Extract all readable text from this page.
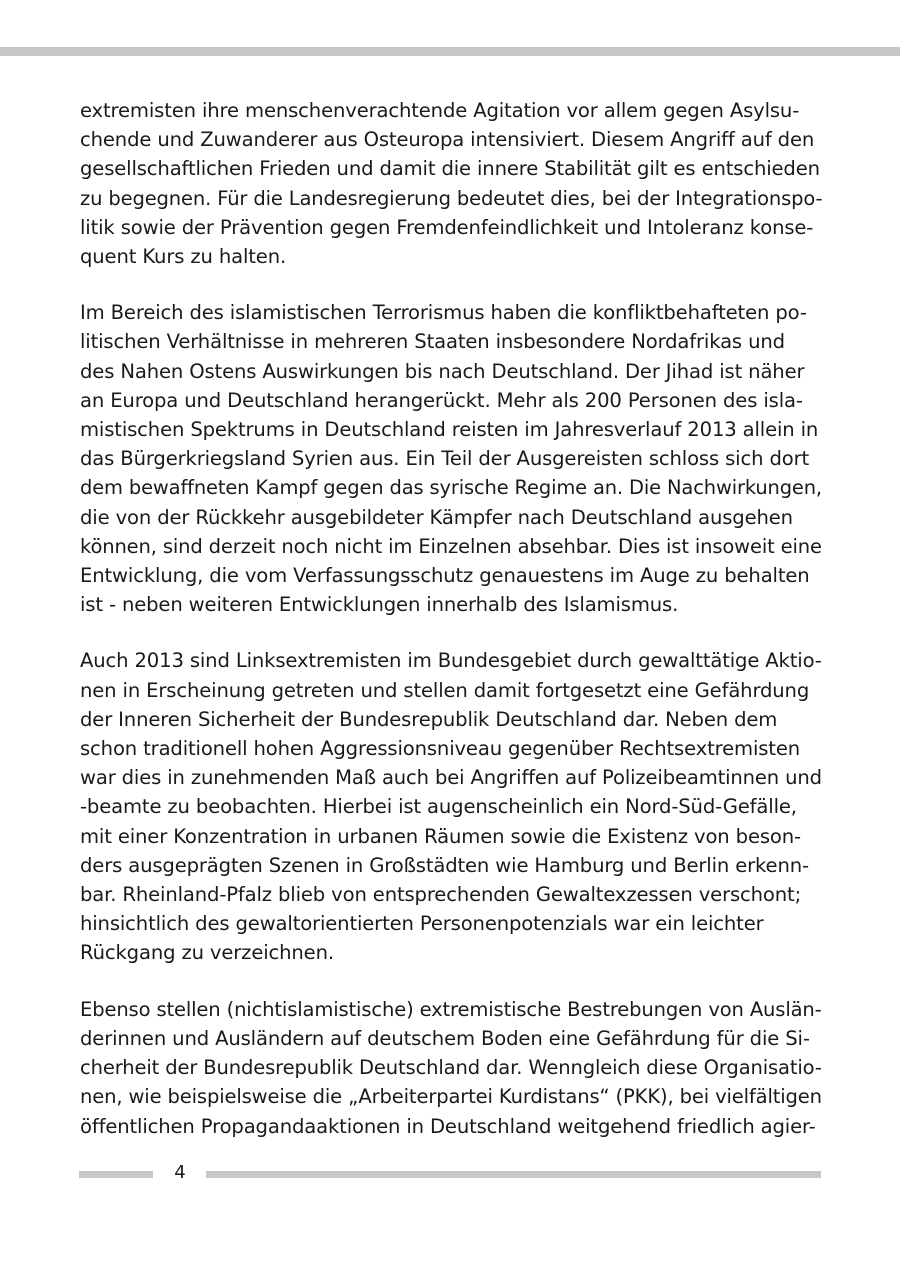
extremisten ihre menschenverachtende Agitation vor allem gegen Asylsu-
chende und Zuwanderer aus Osteuropa intensiviert. Diesem Angriff auf den
gesellschaftlichen Frieden und damit die innere Stabilität gilt es entschieden
zu begegnen. Für die Landesregierung bedeutet dies, bei der Integrationspo-
litik sowie der Prävention gegen Fremdenfeindlichkeit und Intoleranz konse-
quent Kurs zu halten.

Im Bereich des islamistischen Terrorismus haben die konfliktbehafteten po-
litischen Verhältnisse in mehreren Staaten insbesondere Nordafrikas und
des Nahen Ostens Auswirkungen bis nach Deutschland. Der Jihad ist näher
an Europa und Deutschland herangerückt. Mehr als 200 Personen des isla-
mistischen Spektrums in Deutschland reisten im Jahresverlauf 2013 allein in
das Bürgerkriegsland Syrien aus. Ein Teil der Ausgereisten schloss sich dort
dem bewaffneten Kampf gegen das syrische Regime an. Die Nachwirkungen,
die von der Rückkehr ausgebildeter Kämpfer nach Deutschland ausgehen
können, sind derzeit noch nicht im Einzelnen absehbar. Dies ist insoweit eine
Entwicklung, die vom Verfassungsschutz genauestens im Auge zu behalten
ist - neben weiteren Entwicklungen innerhalb des Islamismus.

Auch 2013 sind Linksextremisten im Bundesgebiet durch gewalttätige Aktio-
nen in Erscheinung getreten und stellen damit fortgesetzt eine Gefährdung
der Inneren Sicherheit der Bundesrepublik Deutschland dar. Neben dem
schon traditionell hohen Aggressionsniveau gegenüber Rechtsextremisten
war dies in zunehmenden Maß auch bei Angriffen auf Polizeibeamtinnen und
-beamte zu beobachten. Hierbei ist augenscheinlich ein Nord-Süd-Gefälle,
mit einer Konzentration in urbanen Räumen sowie die Existenz von beson-
ders ausgeprägten Szenen in Großstädten wie Hamburg und Berlin erkenn-
bar. Rheinland-Pfalz blieb von entsprechenden Gewaltexzessen verschont;
hinsichtlich des gewaltorientierten Personenpotenzials war ein leichter
Rückgang zu verzeichnen.

Ebenso stellen (nichtislamistische) extremistische Bestrebungen von Auslän-
derinnen und Ausländern auf deutschem Boden eine Gefährdung für die Si-
cherheit der Bundesrepublik Deutschland dar. Wenngleich diese Organisatio-
nen, wie beispielsweise die „Arbeiterpartei Kurdistans“ (PKK), bei vielfältigen
öffentlichen Propagandaaktionen in Deutschland weitgehend friedlich agier-

4
